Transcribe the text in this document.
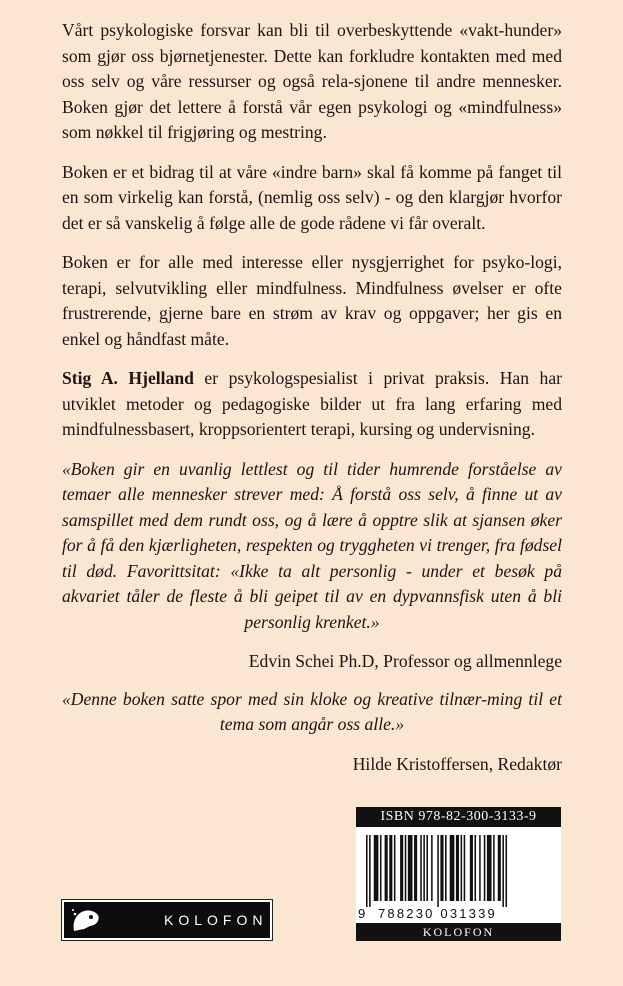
Vårt psykologiske forsvar kan bli til overbeskyttende «vakt-hunder» som gjør oss bjørnetjenester. Dette kan forkludre kontakten med med oss selv og våre ressurser og også rela-sjonene til andre mennesker. Boken gjør det lettere å forstå vår egen psykologi og «mindfulness» som nøkkel til frigjøring og mestring.

Boken er et bidrag til at våre «indre barn» skal få komme på fanget til en som virkelig kan forstå, (nemlig oss selv) - og den klargjør hvorfor det er så vanskelig å følge alle de gode rådene vi får overalt.

Boken er for alle med interesse eller nysgjerrighet for psyko-logi, terapi, selvutvikling eller mindfulness. Mindfulness øvelser er ofte frustrerende, gjerne bare en strøm av krav og oppgaver; her gis en enkel og håndfast måte.

Stig A. Hjelland er psykologspesialist i privat praksis. Han har utviklet metoder og pedagogiske bilder ut fra lang erfaring med mindfulnessbasert, kroppsorientert terapi, kursing og undervisning.

«Boken gir en uvanlig lettlest og til tider humrende forståelse av temaer alle mennesker strever med: Å forstå oss selv, å finne ut av samspillet med dem rundt oss, og å lære å opptre slik at sjansen øker for å få den kjærligheten, respekten og tryggheten vi trenger, fra fødsel til død. Favorittsitat: «Ikke ta alt personlig - under et besøk på akvariet tåler de fleste å bli geipet til av en dypvannsfisk uten å bli personlig krenket.»

Edvin Schei Ph.D, Professor og allmennlege

«Denne boken satte spor med sin kloke og kreative tilnær-ming til et tema som angår oss alle.»

Hilde Kristoffersen, Redaktør

KOLOFON
ISBN 978-82-300-3133-9
9 788230 031339
KOLOFON
